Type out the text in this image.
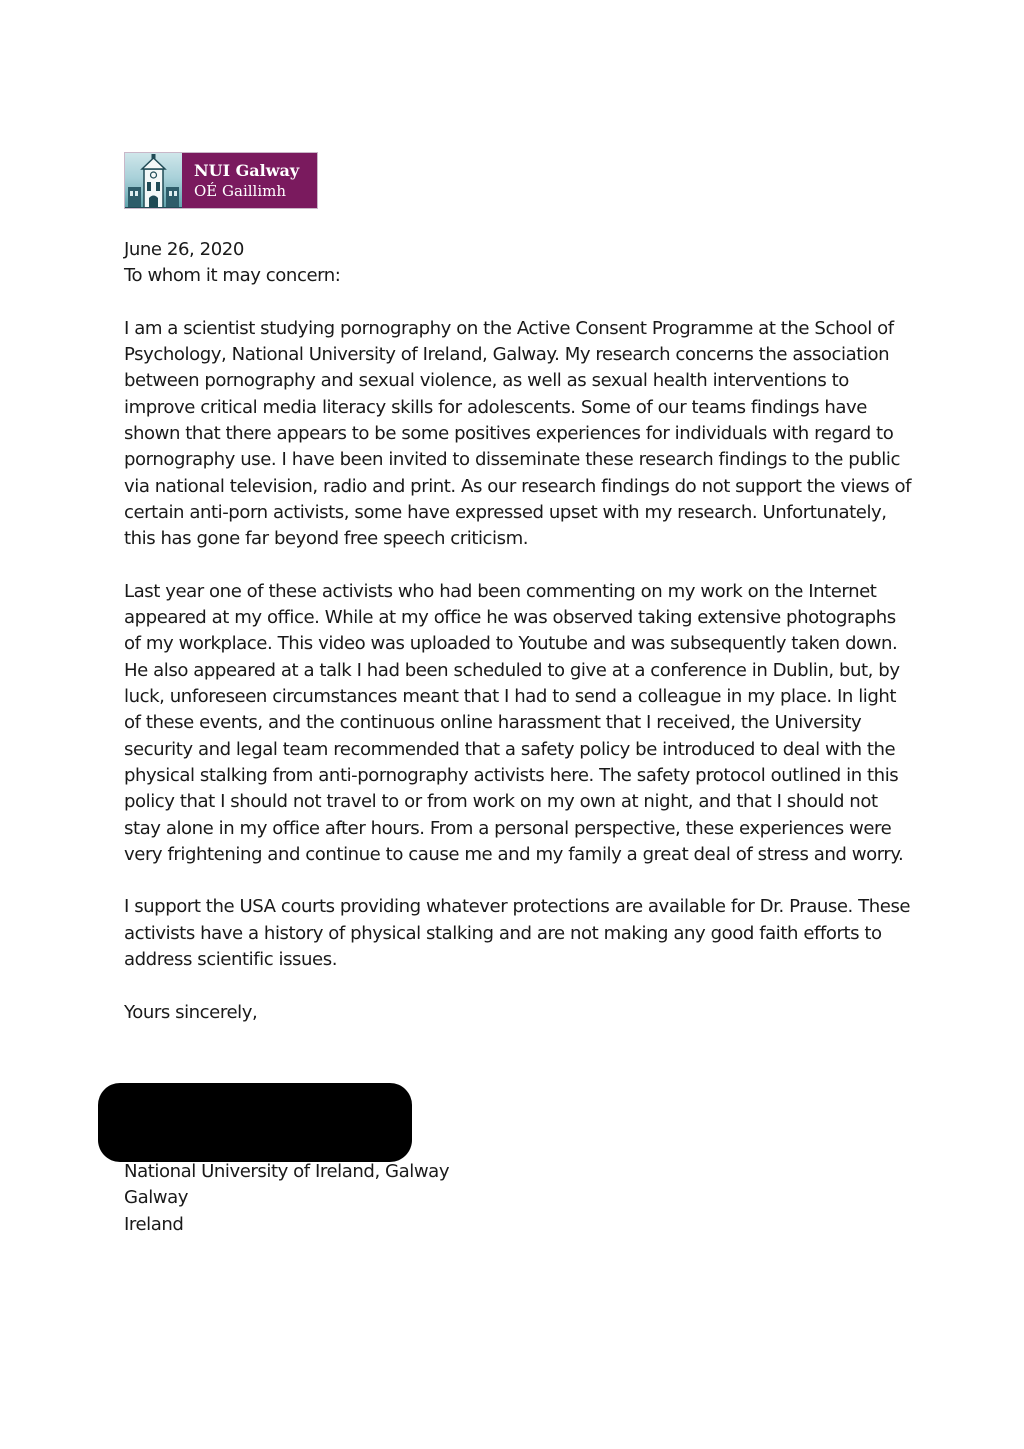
NUI Galway
OÉ Gaillimh

June 26, 2020

To whom it may concern:

I am a scientist studying pornography on the Active Consent Programme at the School of Psychology, National University of Ireland, Galway. My research concerns the association between pornography and sexual violence, as well as sexual health interventions to improve critical media literacy skills for adolescents. Some of our teams findings have shown that there appears to be some positives experiences for individuals with regard to pornography use. I have been invited to disseminate these research findings to the public via national television, radio and print. As our research findings do not support the views of certain anti-porn activists, some have expressed upset with my research. Unfortunately, this has gone far beyond free speech criticism.

Last year one of these activists who had been commenting on my work on the Internet appeared at my office. While at my office he was observed taking extensive photographs of my workplace. This video was uploaded to Youtube and was subsequently taken down. He also appeared at a talk I had been scheduled to give at a conference in Dublin, but, by luck, unforeseen circumstances meant that I had to send a colleague in my place. In light of these events, and the continuous online harassment that I received, the University security and legal team recommended that a safety policy be introduced to deal with the physical stalking from anti-pornography activists here. The safety protocol outlined in this policy that I should not travel to or from work on my own at night, and that I should not stay alone in my office after hours. From a personal perspective, these experiences were very frightening and continue to cause me and my family a great deal of stress and worry.

I support the USA courts providing whatever protections are available for Dr. Prause. These activists have a history of physical stalking and are not making any good faith efforts to address scientific issues.

Yours sincerely,

National University of Ireland, Galway

Galway

Ireland
